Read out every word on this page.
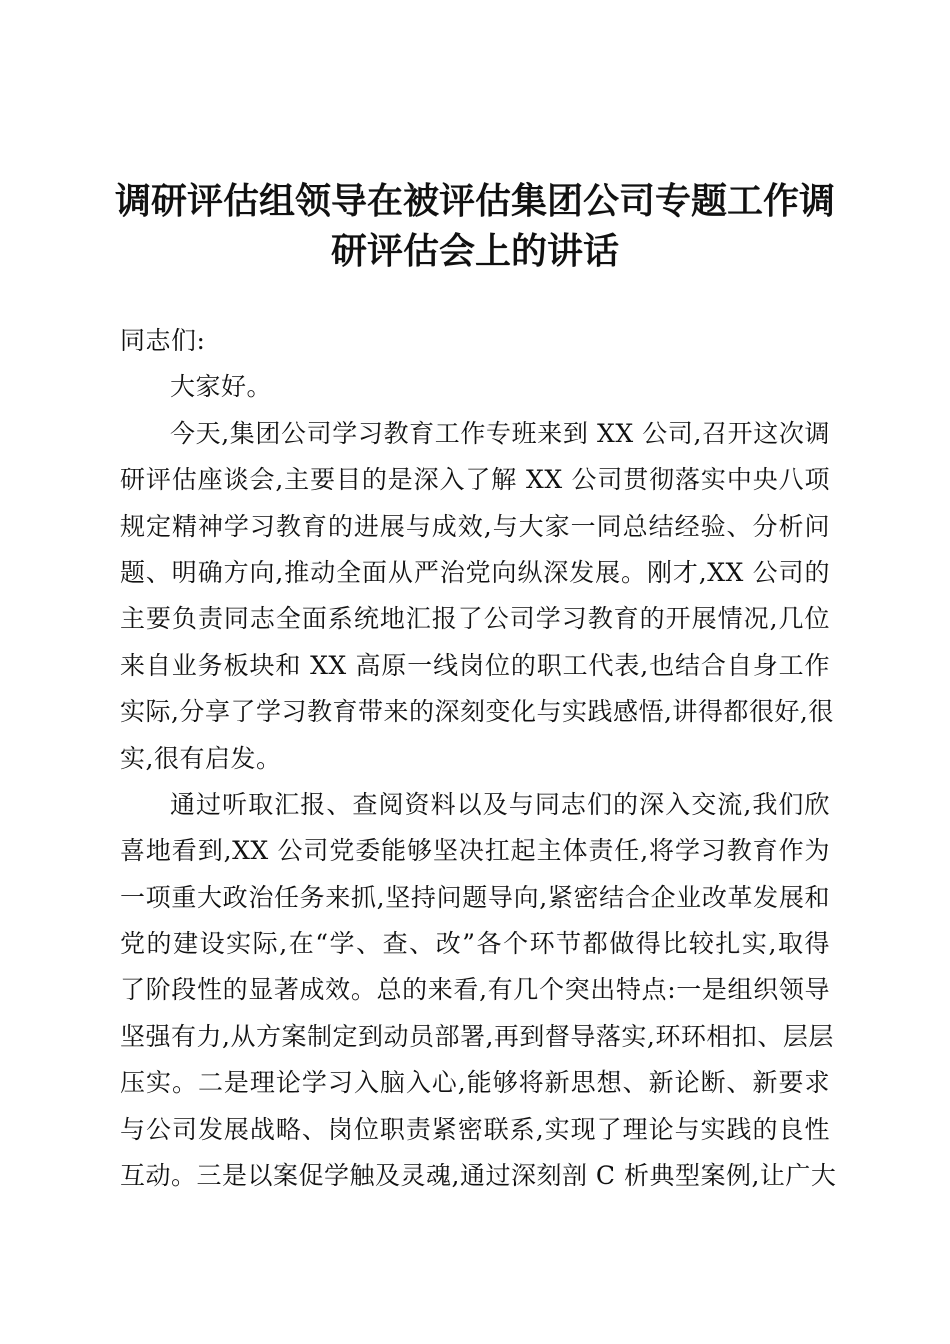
调研评估组领导在被评估集团公司专题工作调
研评估会上的讲话
同志们:
大家好。
今天,集团公司学习教育工作专班来到 XX 公司,召开这次调
研评估座谈会,主要目的是深入了解 XX 公司贯彻落实中央八项
规定精神学习教育的进展与成效,与大家一同总结经验、分析问
题、明确方向,推动全面从严治党向纵深发展。刚才,XX 公司的
主要负责同志全面系统地汇报了公司学习教育的开展情况,几位
来自业务板块和 XX 高原一线岗位的职工代表,也结合自身工作
实际,分享了学习教育带来的深刻变化与实践感悟,讲得都很好,很
实,很有启发。
通过听取汇报、查阅资料以及与同志们的深入交流,我们欣
喜地看到,XX 公司党委能够坚决扛起主体责任,将学习教育作为
一项重大政治任务来抓,坚持问题导向,紧密结合企业改革发展和
党的建设实际,在“学、查、改”各个环节都做得比较扎实,取得
了阶段性的显著成效。总的来看,有几个突出特点:一是组织领导
坚强有力,从方案制定到动员部署,再到督导落实,环环相扣、层层
压实。二是理论学习入脑入心,能够将新思想、新论断、新要求
与公司发展战略、岗位职责紧密联系,实现了理论与实践的良性
互动。三是以案促学触及灵魂,通过深刻剖 C 析典型案例,让广大
